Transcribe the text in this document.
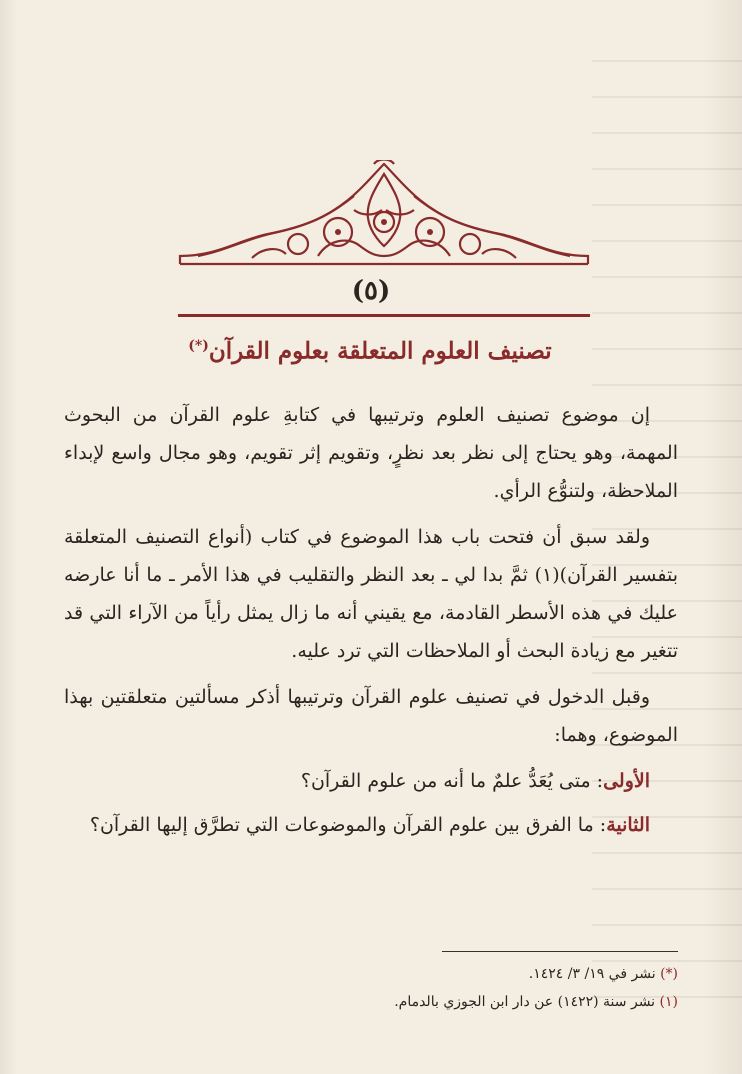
(٥)
تصنيف العلوم المتعلقة بعلوم القرآن(*)

إن موضوع تصنيف العلوم وترتيبها في كتابةِ علوم القرآن من البحوث المهمة، وهو يحتاج إلى نظر بعد نظرٍ، وتقويم إثر تقويم، وهو مجال واسع لإبداء الملاحظة، ولتنوُّع الرأي.

ولقد سبق أن فتحت باب هذا الموضوع في كتاب (أنواع التصنيف المتعلقة بتفسير القرآن)(١) ثمَّ بدا لي ـ بعد النظر والتقليب في هذا الأمر ـ ما أنا عارضه عليك في هذه الأسطر القادمة، مع يقيني أنه ما زال يمثل رأياً من الآراء التي قد تتغير مع زيادة البحث أو الملاحظات التي ترد عليه.

وقبل الدخول في تصنيف علوم القرآن وترتيبها أذكر مسألتين متعلقتين بهذا الموضوع، وهما:

الأولى: متى يُعَدُّ علمٌ ما أنه من علوم القرآن؟
الثانية: ما الفرق بين علوم القرآن والموضوعات التي تطرَّق إليها القرآن؟
(*) نشر في ١٩/ ٣/ ١٤٢٤.
(١) نشر سنة (١٤٢٢) عن دار ابن الجوزي بالدمام.
